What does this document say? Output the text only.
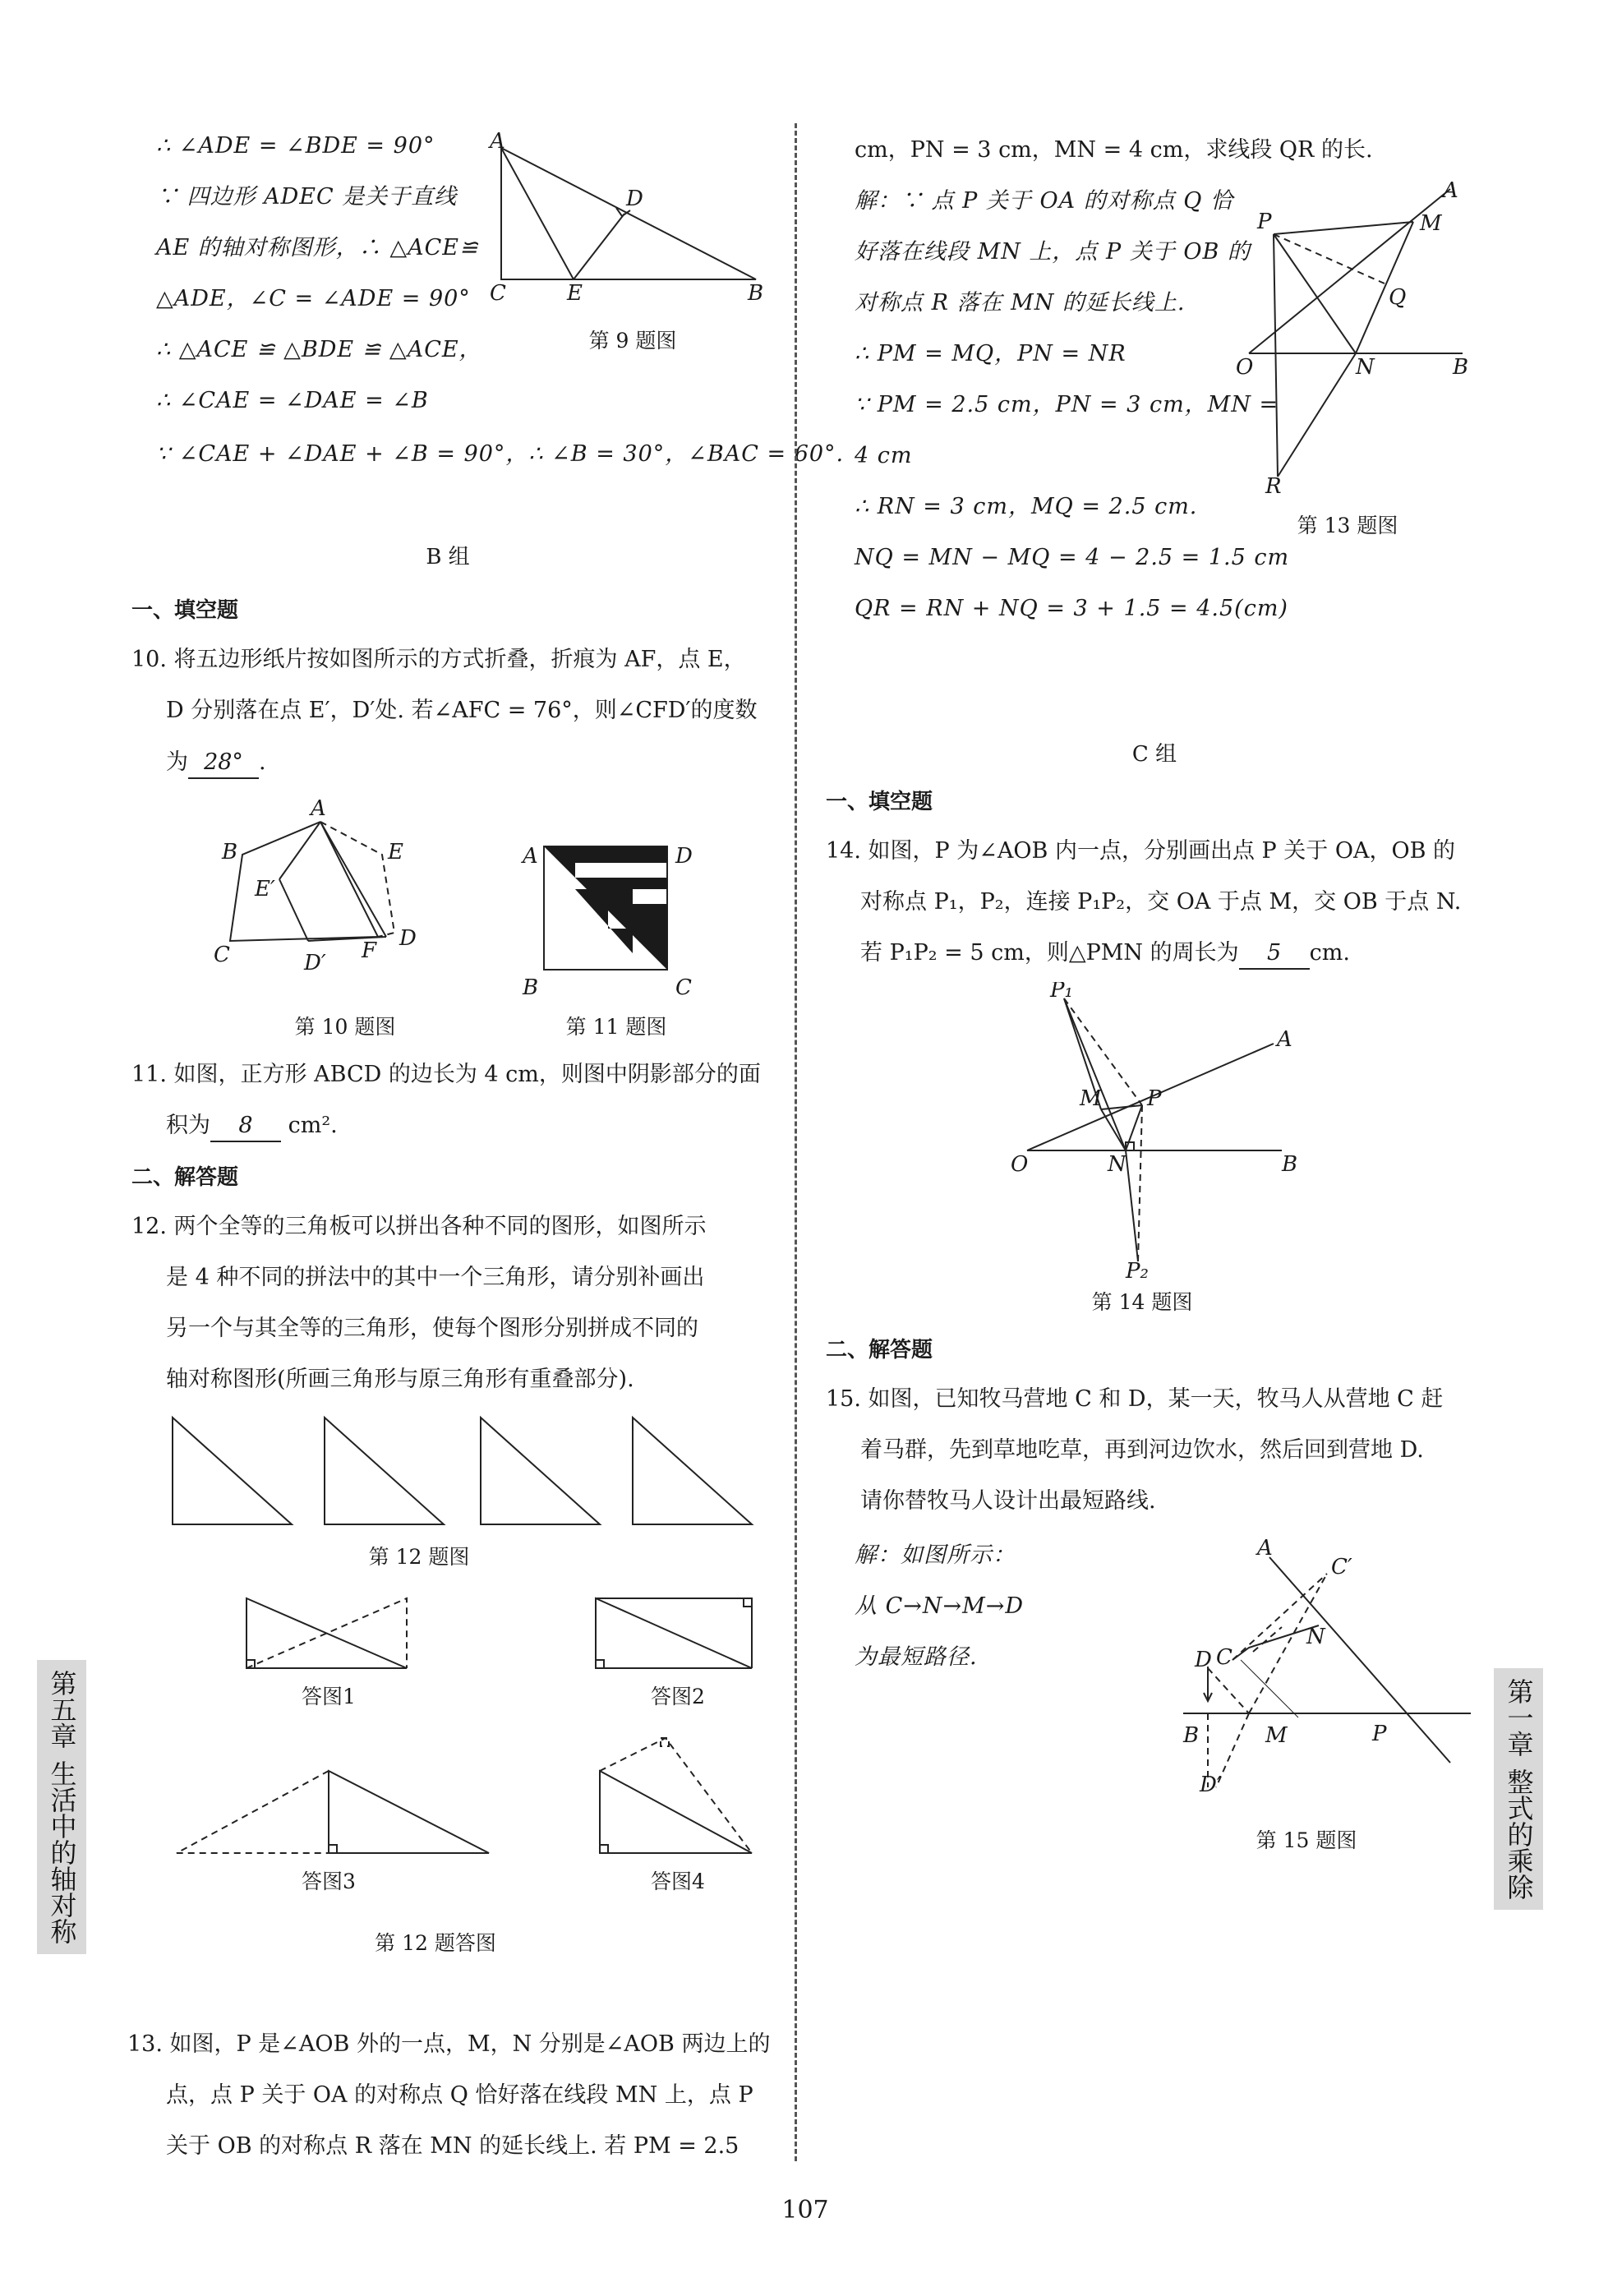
∴ ∠ADE = ∠BDE = 90°
∵ 四边形 ADEC 是关于直线
AE 的轴对称图形，∴ △ACE≌
△ADE，∠C = ∠ADE = 90°
∴ △ACE ≌ △BDE ≌ △ACE，
∴ ∠CAE = ∠DAE = ∠B
∵ ∠CAE + ∠DAE + ∠B = 90°，∴ ∠B = 30°，∠BAC = 60°.
A
D
C	E	B
第 9 题图
B 组
一、填空题
10. 将五边形纸片按如图所示的方式折叠，折痕为 AF，点 E，
D 分别落在点 E′，D′处. 若∠AFC = 76°，则∠CFD′的度数
为 28° .
A
B	E
E′
C	F D
D′
第 10 题图
A	D
B	C
第 11 题图
11. 如图，正方形 ABCD 的边长为 4 cm，则图中阴影部分的面
积为 8 cm².
二、解答题
12. 两个全等的三角板可以拼出各种不同的图形，如图所示
是 4 种不同的拼法中的其中一个三角形，请分别补画出
另一个与其全等的三角形，使每个图形分别拼成不同的
轴对称图形(所画三角形与原三角形有重叠部分).
第 12 题图
答图1	答图2
答图3	答图4
第 12 题答图
13. 如图，P 是∠AOB 外的一点，M，N 分别是∠AOB 两边上的
点，点 P 关于 OA 的对称点 Q 恰好落在线段 MN 上，点 P
关于 OB 的对称点 R 落在 MN 的延长线上. 若 PM = 2.5
cm，PN = 3 cm，MN = 4 cm，求线段 QR 的长.
解：∵ 点 P 关于 OA 的对称点 Q 恰
好落在线段 MN 上，点 P 关于 OB 的
对称点 R 落在 MN 的延长线上.
∴ PM = MQ，PN = NR
∵ PM = 2.5 cm，PN = 3 cm，MN =
4 cm
∴ RN = 3 cm，MQ = 2.5 cm.
NQ = MN − MQ = 4 − 2.5 = 1.5 cm
QR = RN + NQ = 3 + 1.5 = 4.5(cm)
A
P	M
Q
O	N	B
R
第 13 题图
C 组
一、填空题
14. 如图，P 为∠AOB 内一点，分别画出点 P 关于 OA，OB 的
对称点 P₁，P₂，连接 P₁P₂，交 OA 于点 M，交 OB 于点 N.
若 P₁P₂ = 5 cm，则△PMN 的周长为 5 cm.
P₁
A
M P
O	N	B
P₂
第 14 题图
二、解答题
15. 如图，已知牧马营地 C 和 D，某一天，牧马人从营地 C 赶
着马群，先到草地吃草，再到河边饮水，然后回到营地 D.
请你替牧马人设计出最短路线.
解：如图所示：
从 C→N→M→D
为最短路径.
A
C′
C
N
D
B	M	P
D′
第 15 题图
第五章
生活中的轴对称
第一章
整式的乘除
107
